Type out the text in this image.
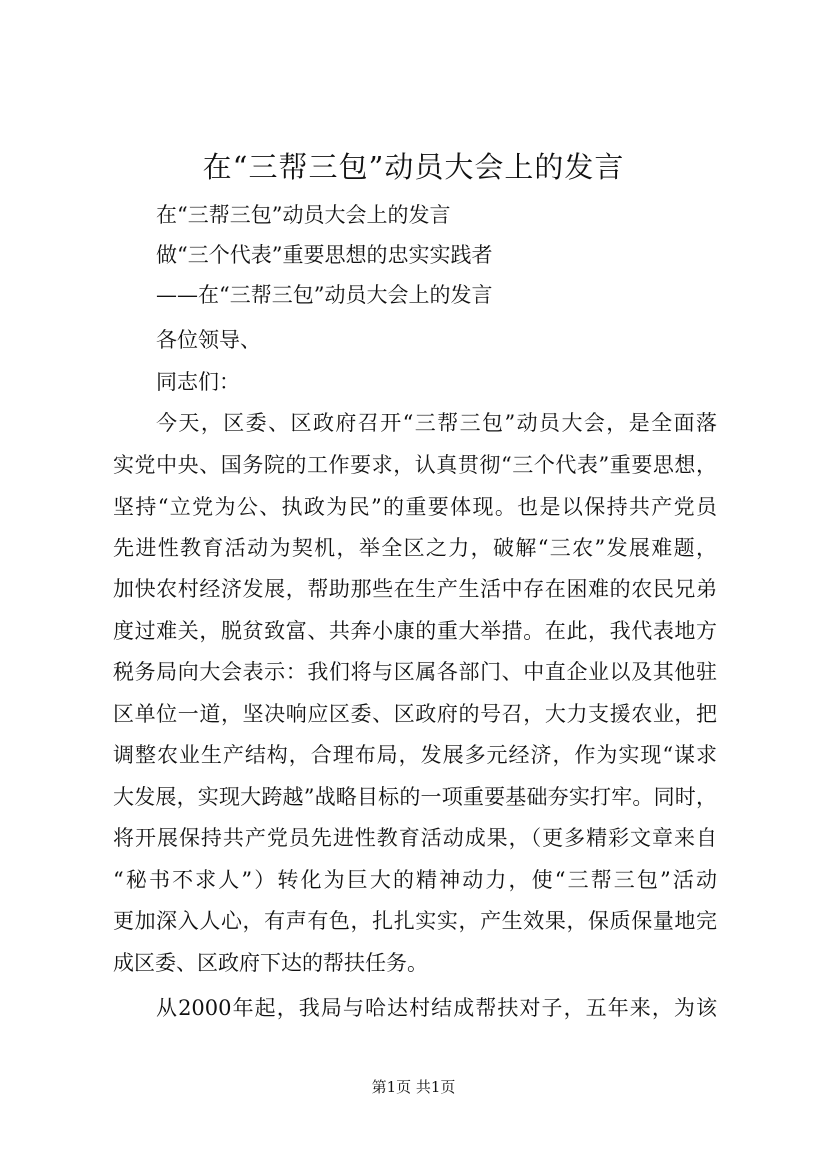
在“三帮三包”动员大会上的发言
在“三帮三包”动员大会上的发言
做“三个代表”重要思想的忠实实践者
——在“三帮三包”动员大会上的发言
各位领导、
同志们：
今天，区委、区政府召开“三帮三包”动员大会，是全面落
实党中央、国务院的工作要求，认真贯彻“三个代表”重要思想，
坚持“立党为公、执政为民”的重要体现。也是以保持共产党员
先进性教育活动为契机，举全区之力，破解“三农”发展难题，
加快农村经济发展，帮助那些在生产生活中存在困难的农民兄弟
度过难关，脱贫致富、共奔小康的重大举措。在此，我代表地方
税务局向大会表示：我们将与区属各部门、中直企业以及其他驻
区单位一道，坚决响应区委、区政府的号召，大力支援农业，把
调整农业生产结构，合理布局，发展多元经济，作为实现“谋求
大发展，实现大跨越”战略目标的一项重要基础夯实打牢。同时，
将开展保持共产党员先进性教育活动成果，（更多精彩文章来自
“秘书不求人”）转化为巨大的精神动力，使“三帮三包”活动
更加深入人心，有声有色，扎扎实实，产生效果，保质保量地完
成区委、区政府下达的帮扶任务。
从2000年起，我局与哈达村结成帮扶对子，五年来，为该
第1页 共1页
